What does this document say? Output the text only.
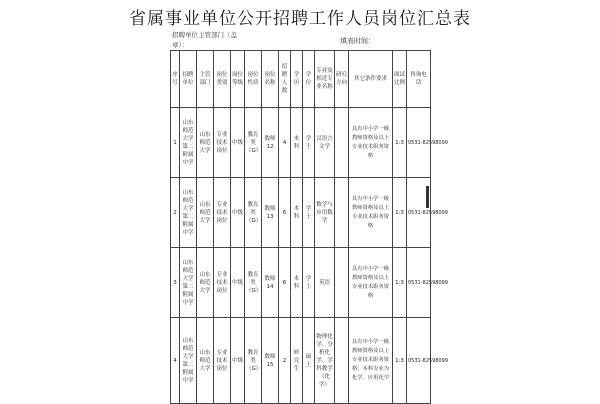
省属事业单位公开招聘工作人员岗位汇总表
招聘单位主管部门（盖章）：	填表时间：
序号	招聘单位	主管部门	岗位类别	岗位等级	岗位性质	岗位名称	招聘人数	学历	学位	专业及相近专业名称	研究方向	其它条件要求	面试比例	咨询电话
1	山东师范大学第二附属中学	山东师范大学	专业技术岗位	中级	教育类（G）	数师12	4	本科	学士	汉语言文学		具有中小学一级教师资格及以上专业技术职务资格	1:3	0531-82598099
2	山东师范大学第二附属中学	山东师范大学	专业技术岗位	中级	教育类（G）	数师13	6	本科	学士	数学与应用数学		具有中小学一级教师资格及以上专业技术职务资格	1:3	0531-82598099
3	山东师范大学第二附属中学	山东师范大学	专业技术岗位	中级	教育类（G）	数师14	6	本科	学士	英语		具有中小学一级教师资格及以上专业技术职务资格	1:3	0531-82598099
4	山东师范大学第二附属中学	山东师范大学	专业技术岗位	中级	教育类（G）	数师15	2	研究生	硕士	物理化学、分析化学、学科教学（化学）		具有中小学一级教师资格及以上专业技术职务资格；本科专业为化学、应用化学	1:3	0531-82598099
